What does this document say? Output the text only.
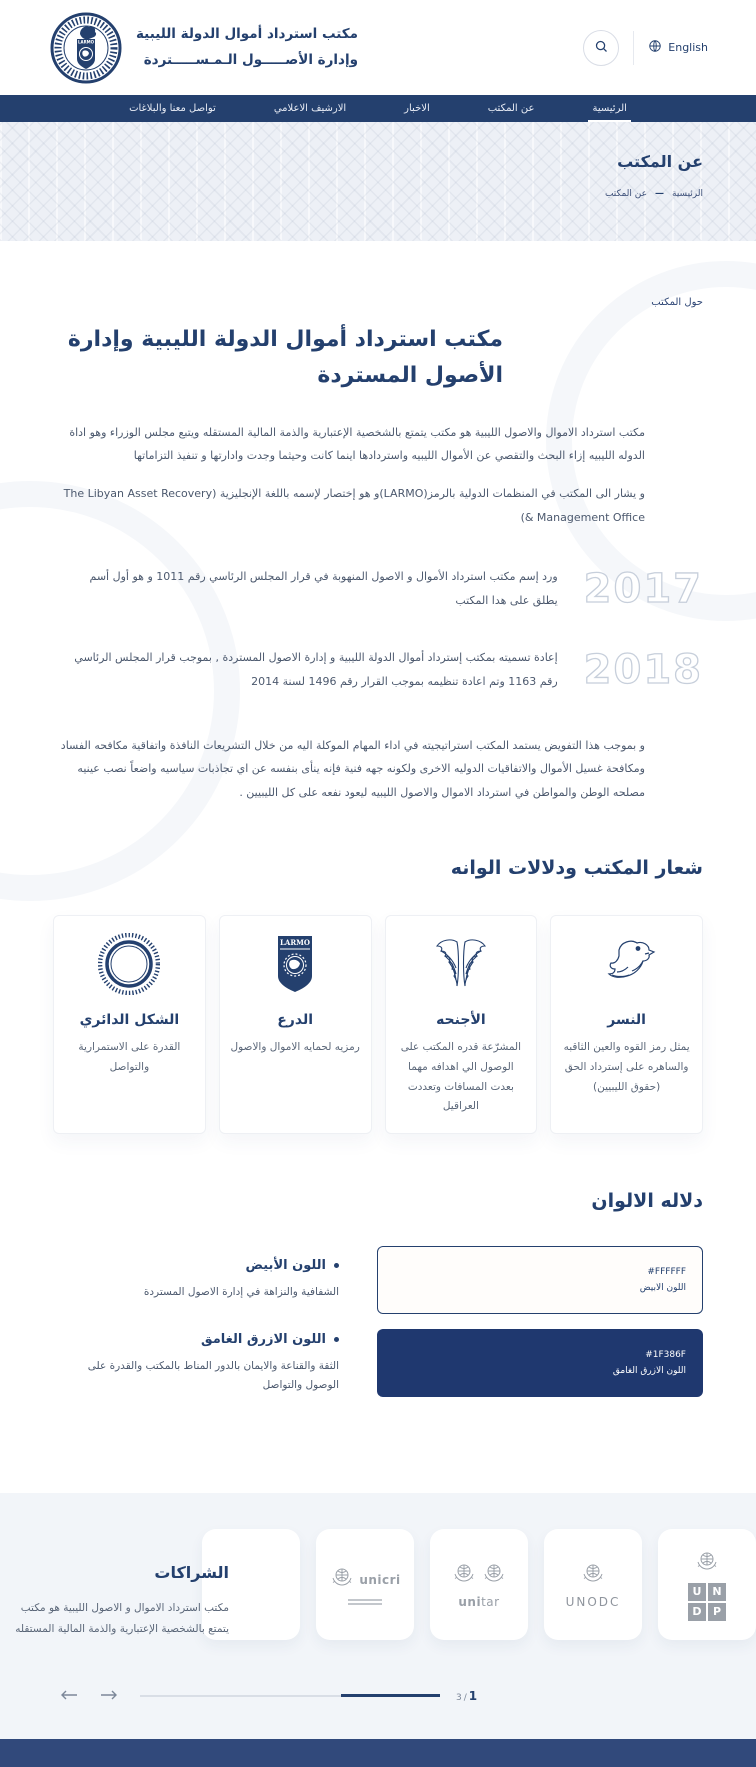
English
مكتب استرداد أموال الدولة الليبية
وإدارة الأصـــــول الـمـســـــتردة
LARMO
الرئيسية
عن المكتب
الاخبار
الارشيف الاعلامي
تواصل معنا والبلاغات
عن المكتب
الرئيسية
—
عن المكتب
حول المكتب
مكتب استرداد أموال الدولة الليبية وإدارة الأصول المستردة

مكتب استرداد الاموال والاصول الليبية هو مكتب يتمتع بالشخصية الإعتبارية والذمة المالية المستقله ويتبع مجلس الوزراء وهو اداة الدوله الليبيه إزاء البحث والتقصي عن الأموال الليبيه واستردادها اينما كانت وحيثما وجدت وادارتها و تنفيذ التزاماتها

و يشار الى المكتب في المنظمات الدولية بالرمز(LARMO)و هو إختصار لإسمه باللغة الإنجليزية (The Libyan Asset Recovery & Management Office)

2017
ورد إسم مكتب استرداد الأموال و الاصول المنهوبة في قرار المجلس الرئاسي رقم 1011 و هو أول أسم يطلق على هدا المكتب
2018
إعادة تسميته بمكتب إسترداد أموال الدولة الليبية و إدارة الاصول المستردة , بموجب قرار المجلس الرئاسي رقم 1163 وتم اعادة تنظيمه بموجب القرار رقم 1496 لسنة 2014

و بموجب هذا التفويض يستمد المكتب استراتيجيته في اداء المهام الموكلة اليه من خلال التشريعات النافذة واتفاقية مكافحه الفساد ومكافحة غسيل الأموال والاتفاقيات الدوليه الاخرى ولكونه جهه فنية فإنه ينأى بنفسه عن اي تجاذبات سياسيه واضعاً نصب عينيه مصلحه الوطن والمواطن في استرداد الاموال والاصول الليبيه ليعود نفعه على كل الليبيين .

شعار المكتب ودلالات الوانه
النسر
يمثل رمز القوه والعين الثاقبه والساهره على إسترداد الحق (حقوق الليبيين)
الأجنحه
المشرّعة قدره المكتب على الوصول الي اهدافه مهما بعدت المسافات وتعددت العراقيل
LARMO
الدرع
رمزيه لحمايه الاموال والاصول
الشكل الدائري
القدرة على الاستمرارية والتواصل
دلاله الالوان
#FFFFFF
اللون الابيض
اللون الأبيض
الشفافية والنزاهة في إدارة الاصول المستردة
#1F386F
اللون الازرق الغامق
اللون الازرق الغامق
الثقة والقناعة والايمان بالدور المناط بالمكتب والقدرة على الوصول والتواصل
unicri
unitar	UNODC
U N
D	P
الشراكات
مكتب استرداد الاموال و الاصول الليبية هو مكتب يتمتع بالشخصية الإعتبارية والذمة المالية المستقله
3 / 1
